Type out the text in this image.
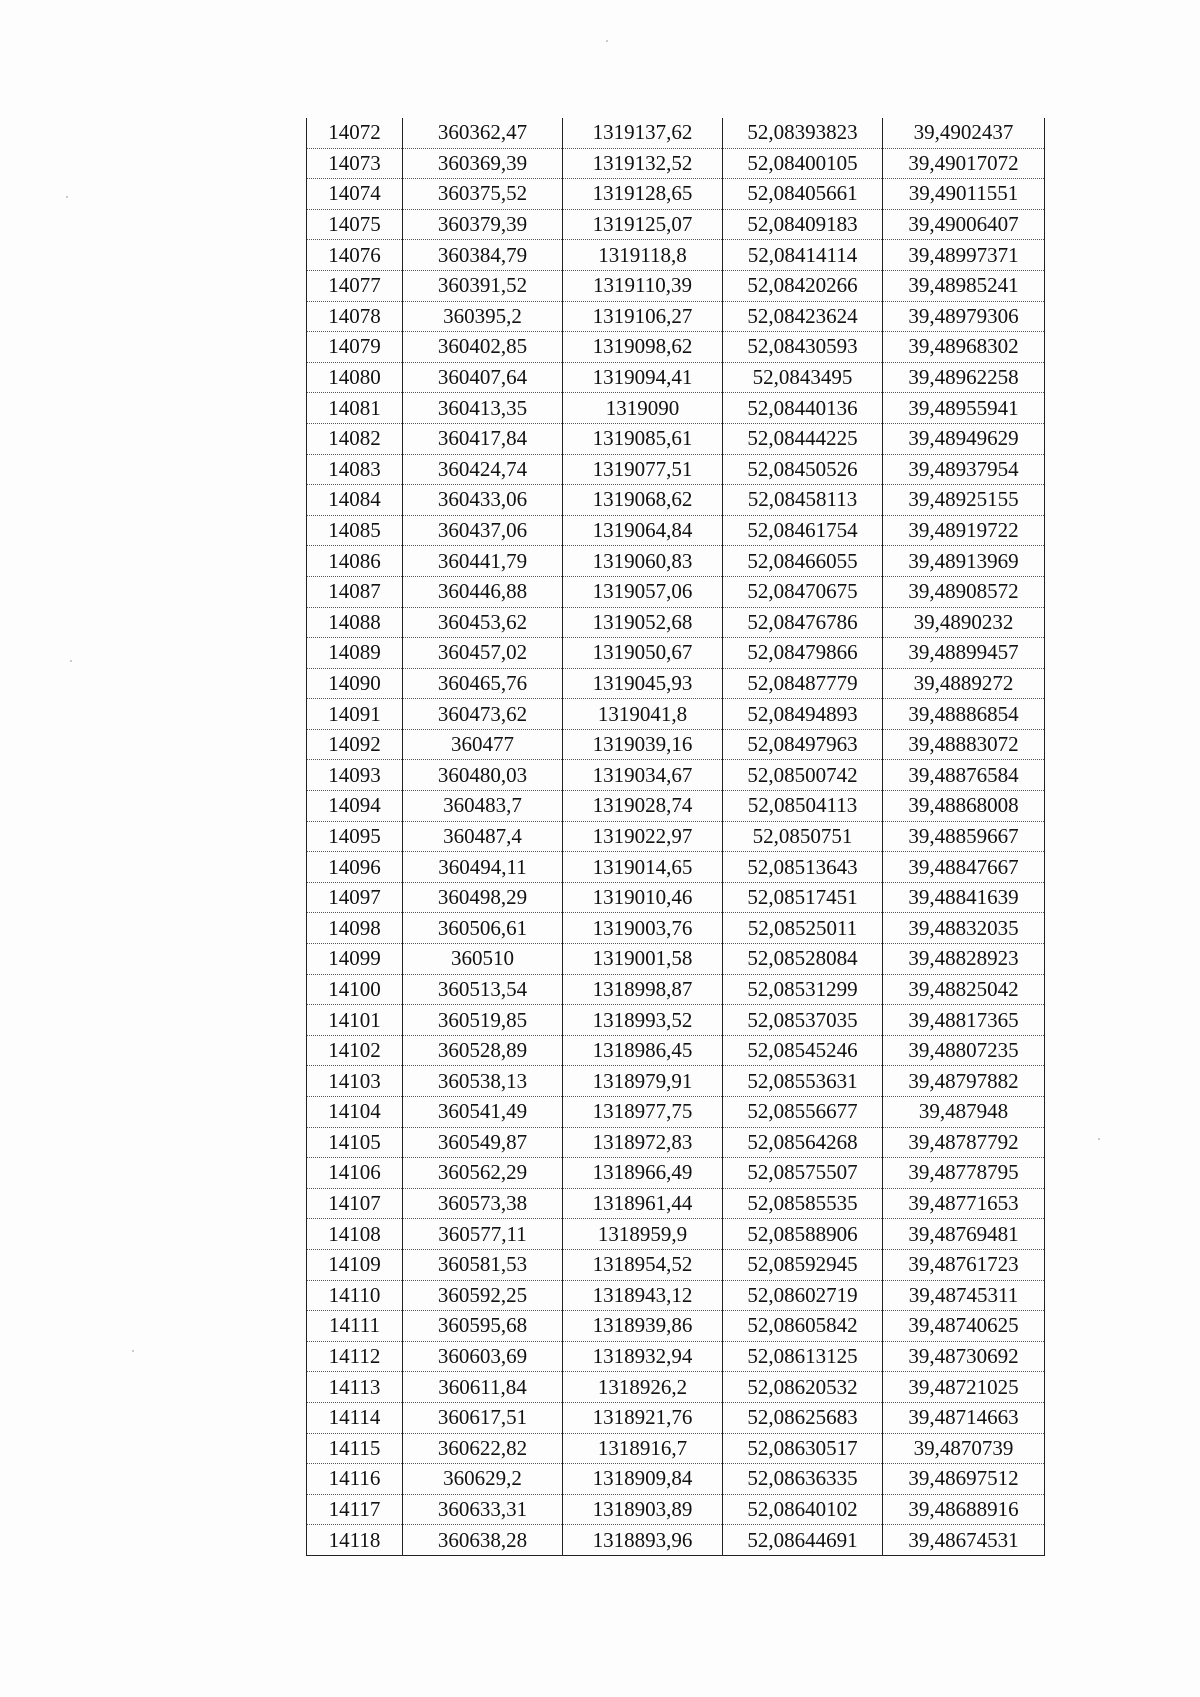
14072	360362,47	1319137,62	52,08393823	39,4902437
14073	360369,39	1319132,52	52,08400105	39,49017072
14074	360375,52	1319128,65	52,08405661	39,49011551
14075	360379,39	1319125,07	52,08409183	39,49006407
14076	360384,79	1319118,8	52,08414114	39,48997371
14077	360391,52	1319110,39	52,08420266	39,48985241
14078	360395,2	1319106,27	52,08423624	39,48979306
14079	360402,85	1319098,62	52,08430593	39,48968302
14080	360407,64	1319094,41	52,0843495	39,48962258
14081	360413,35	1319090	52,08440136	39,48955941
14082	360417,84	1319085,61	52,08444225	39,48949629
14083	360424,74	1319077,51	52,08450526	39,48937954
14084	360433,06	1319068,62	52,08458113	39,48925155
14085	360437,06	1319064,84	52,08461754	39,48919722
14086	360441,79	1319060,83	52,08466055	39,48913969
14087	360446,88	1319057,06	52,08470675	39,48908572
14088	360453,62	1319052,68	52,08476786	39,4890232
14089	360457,02	1319050,67	52,08479866	39,48899457
14090	360465,76	1319045,93	52,08487779	39,4889272
14091	360473,62	1319041,8	52,08494893	39,48886854
14092	360477	1319039,16	52,08497963	39,48883072
14093	360480,03	1319034,67	52,08500742	39,48876584
14094	360483,7	1319028,74	52,08504113	39,48868008
14095	360487,4	1319022,97	52,0850751	39,48859667
14096	360494,11	1319014,65	52,08513643	39,48847667
14097	360498,29	1319010,46	52,08517451	39,48841639
14098	360506,61	1319003,76	52,08525011	39,48832035
14099	360510	1319001,58	52,08528084	39,48828923
14100	360513,54	1318998,87	52,08531299	39,48825042
14101	360519,85	1318993,52	52,08537035	39,48817365
14102	360528,89	1318986,45	52,08545246	39,48807235
14103	360538,13	1318979,91	52,08553631	39,48797882
14104	360541,49	1318977,75	52,08556677	39,487948
14105	360549,87	1318972,83	52,08564268	39,48787792
14106	360562,29	1318966,49	52,08575507	39,48778795
14107	360573,38	1318961,44	52,08585535	39,48771653
14108	360577,11	1318959,9	52,08588906	39,48769481
14109	360581,53	1318954,52	52,08592945	39,48761723
14110	360592,25	1318943,12	52,08602719	39,48745311
14111	360595,68	1318939,86	52,08605842	39,48740625
14112	360603,69	1318932,94	52,08613125	39,48730692
14113	360611,84	1318926,2	52,08620532	39,48721025
14114	360617,51	1318921,76	52,08625683	39,48714663
14115	360622,82	1318916,7	52,08630517	39,4870739
14116	360629,2	1318909,84	52,08636335	39,48697512
14117	360633,31	1318903,89	52,08640102	39,48688916
14118	360638,28	1318893,96	52,08644691	39,48674531
